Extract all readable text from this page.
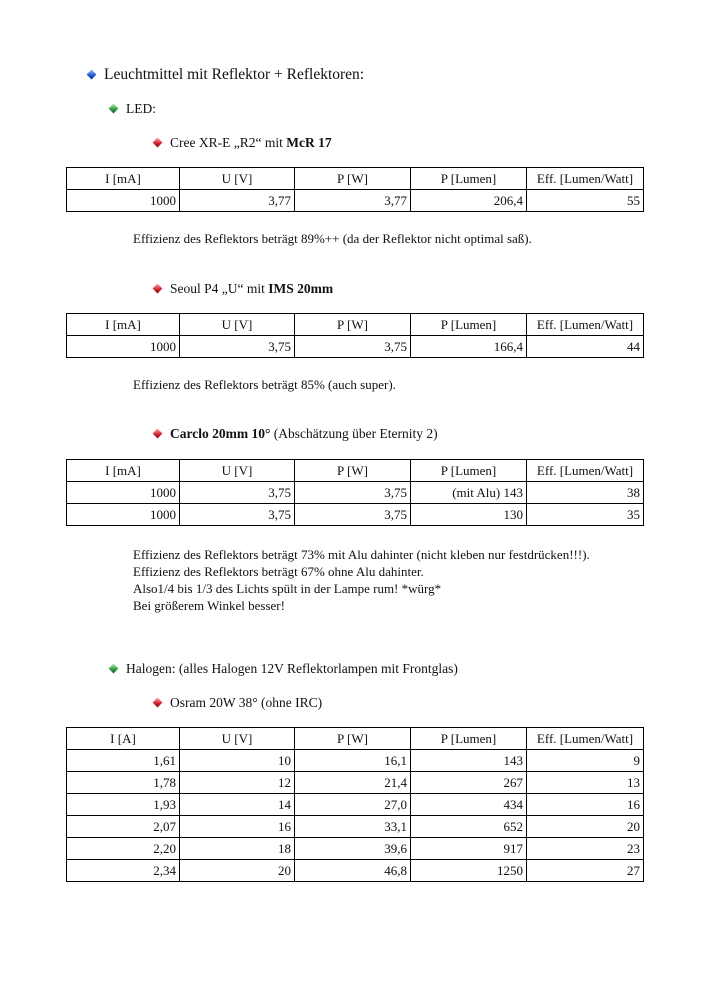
Leuchtmittel mit Reflektor + Reflektoren:
LED:
Cree XR-E „R2“ mit McR 17
I [mA]	U [V]	P [W]	P [Lumen]	Eff. [Lumen/Watt]
1000	3,77	3,77	206,4	55
Effizienz des Reflektors beträgt 89%++ (da der Reflektor nicht optimal saß).
Seoul P4 „U“ mit IMS 20mm
I [mA]	U [V]	P [W]	P [Lumen]	Eff. [Lumen/Watt]
1000	3,75	3,75	166,4	44
Effizienz des Reflektors beträgt 85% (auch super).
Carclo 20mm 10° (Abschätzung über Eternity 2)
I [mA]	U [V]	P [W]	P [Lumen]	Eff. [Lumen/Watt]
1000	3,75	3,75	(mit Alu) 143	38
1000	3,75	3,75	130	35
Effizienz des Reflektors beträgt 73% mit Alu dahinter (nicht kleben nur festdrücken!!!).
Effizienz des Reflektors beträgt 67% ohne Alu dahinter.
Also1/4 bis 1/3 des Lichts spült in der Lampe rum! *würg*
Bei größerem Winkel besser!
Halogen: (alles Halogen 12V Reflektorlampen mit Frontglas)
Osram 20W 38° (ohne IRC)
I [A]	U [V]	P [W]	P [Lumen]	Eff. [Lumen/Watt]
1,61	10	16,1	143	9
1,78	12	21,4	267	13
1,93	14	27,0	434	16
2,07	16	33,1	652	20
2,20	18	39,6	917	23
2,34	20	46,8	1250	27
